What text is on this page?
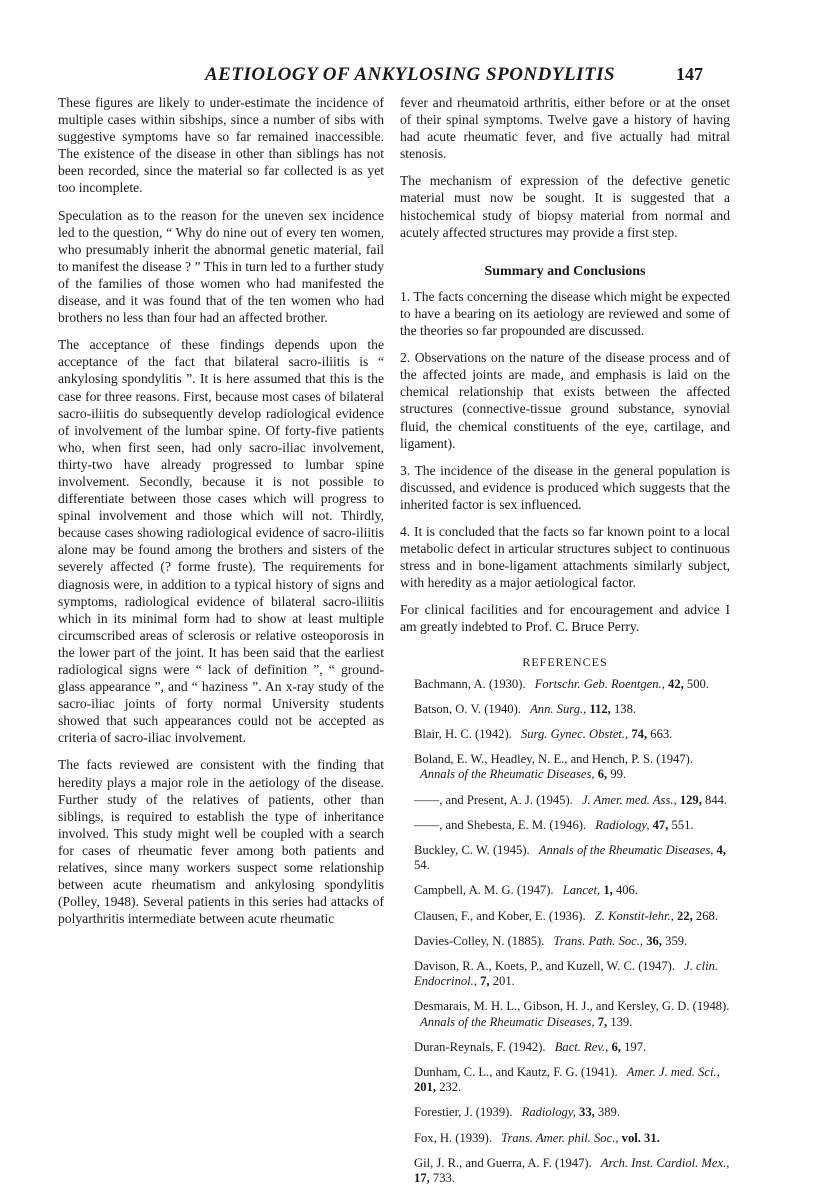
AETIOLOGY OF ANKYLOSING SPONDYLITIS	147

These figures are likely to under-estimate the incidence of multiple cases within sibships, since a number of sibs with suggestive symptoms have so far remained inaccessible. The existence of the disease in other than siblings has not been recorded, since the material so far collected is as yet too incomplete.

Speculation as to the reason for the uneven sex incidence led to the question, “ Why do nine out of every ten women, who presumably inherit the abnormal genetic material, fail to manifest the disease ? ” This in turn led to a further study of the families of those women who had manifested the disease, and it was found that of the ten women who had brothers no less than four had an affected brother.

The acceptance of these findings depends upon the acceptance of the fact that bilateral sacro-iliitis is “ ankylosing spondylitis ”. It is here assumed that this is the case for three reasons. First, because most cases of bilateral sacro-iliitis do subsequently develop radiological evidence of involvement of the lumbar spine. Of forty-five patients who, when first seen, had only sacro-iliac involvement, thirty-two have already progressed to lumbar spine involvement. Secondly, because it is not possible to differentiate between those cases which will progress to spinal involvement and those which will not. Thirdly, because cases showing radiological evidence of sacro-iliitis alone may be found among the brothers and sisters of the severely affected (? forme fruste). The requirements for diagnosis were, in addition to a typical history of signs and symptoms, radiological evidence of bilateral sacro-iliitis which in its minimal form had to show at least multiple circumscribed areas of sclerosis or relative osteoporosis in the lower part of the joint. It has been said that the earliest radiological signs were “ lack of definition ”, “ ground-glass appearance ”, and “ haziness ”. An x-ray study of the sacro-iliac joints of forty normal University students showed that such appearances could not be accepted as criteria of sacro-iliac involvement.

The facts reviewed are consistent with the finding that heredity plays a major role in the aetiology of the disease. Further study of the relatives of patients, other than siblings, is required to establish the type of inheritance involved. This study might well be coupled with a search for cases of rheumatic fever among both patients and relatives, since many workers suspect some relationship between acute rheumatism and ankylosing spondylitis (Polley, 1948). Several patients in this series had attacks of polyarthritis intermediate between acute rheumatic

fever and rheumatoid arthritis, either before or at the onset of their spinal symptoms. Twelve gave a history of having had acute rheumatic fever, and five actually had mitral stenosis.

The mechanism of expression of the defective genetic material must now be sought. It is suggested that a histochemical study of biopsy material from normal and acutely affected structures may provide a first step.

Summary and Conclusions

1. The facts concerning the disease which might be expected to have a bearing on its aetiology are reviewed and some of the theories so far propounded are discussed.

2. Observations on the nature of the disease process and of the affected joints are made, and emphasis is laid on the chemical relationship that exists between the affected structures (connective-tissue ground substance, synovial fluid, the chemical constituents of the eye, cartilage, and ligament).

3. The incidence of the disease in the general population is discussed, and evidence is produced which suggests that the inherited factor is sex influenced.

4. It is concluded that the facts so far known point to a local metabolic defect in articular structures subject to continuous stress and in bone-ligament attachments similarly subject, with heredity as a major aetiological factor.

For clinical facilities and for encouragement and advice I am greatly indebted to Prof. C. Bruce Perry.

REFERENCES

Bachmann, A. (1930). Fortschr. Geb. Roentgen., 42, 500.

Batson, O. V. (1940). Ann. Surg., 112, 138.

Blair, H. C. (1942). Surg. Gynec. Obstet., 74, 663.

Boland, E. W., Headley, N. E., and Hench, P. S. (1947). Annals of the Rheumatic Diseases, 6, 99.

——, and Present, A. J. (1945). J. Amer. med. Ass., 129, 844.

——, and Shebesta, E. M. (1946). Radiology, 47, 551.

Buckley, C. W. (1945). Annals of the Rheumatic Diseases, 4, 54.

Campbell, A. M. G. (1947). Lancet, 1, 406.

Clausen, F., and Kober, E. (1936). Z. Konstit-lehr., 22, 268.

Davies-Colley, N. (1885). Trans. Path. Soc., 36, 359.

Davison, R. A., Koets, P., and Kuzell, W. C. (1947). J. clin. Endocrinol., 7, 201.

Desmarais, M. H. L., Gibson, H. J., and Kersley, G. D. (1948). Annals of the Rheumatic Diseases, 7, 139.

Duran-Reynals, F. (1942). Bact. Rev., 6, 197.

Dunham, C. L., and Kautz, F. G. (1941). Amer. J. med. Sci., 201, 232.

Forestier, J. (1939). Radiology, 33, 389.

Fox, H. (1939). Trans. Amer. phil. Soc., vol. 31.

Gil, J. R., and Guerra, A. F. (1947). Arch. Inst. Cardiol. Mex., 17, 733.
